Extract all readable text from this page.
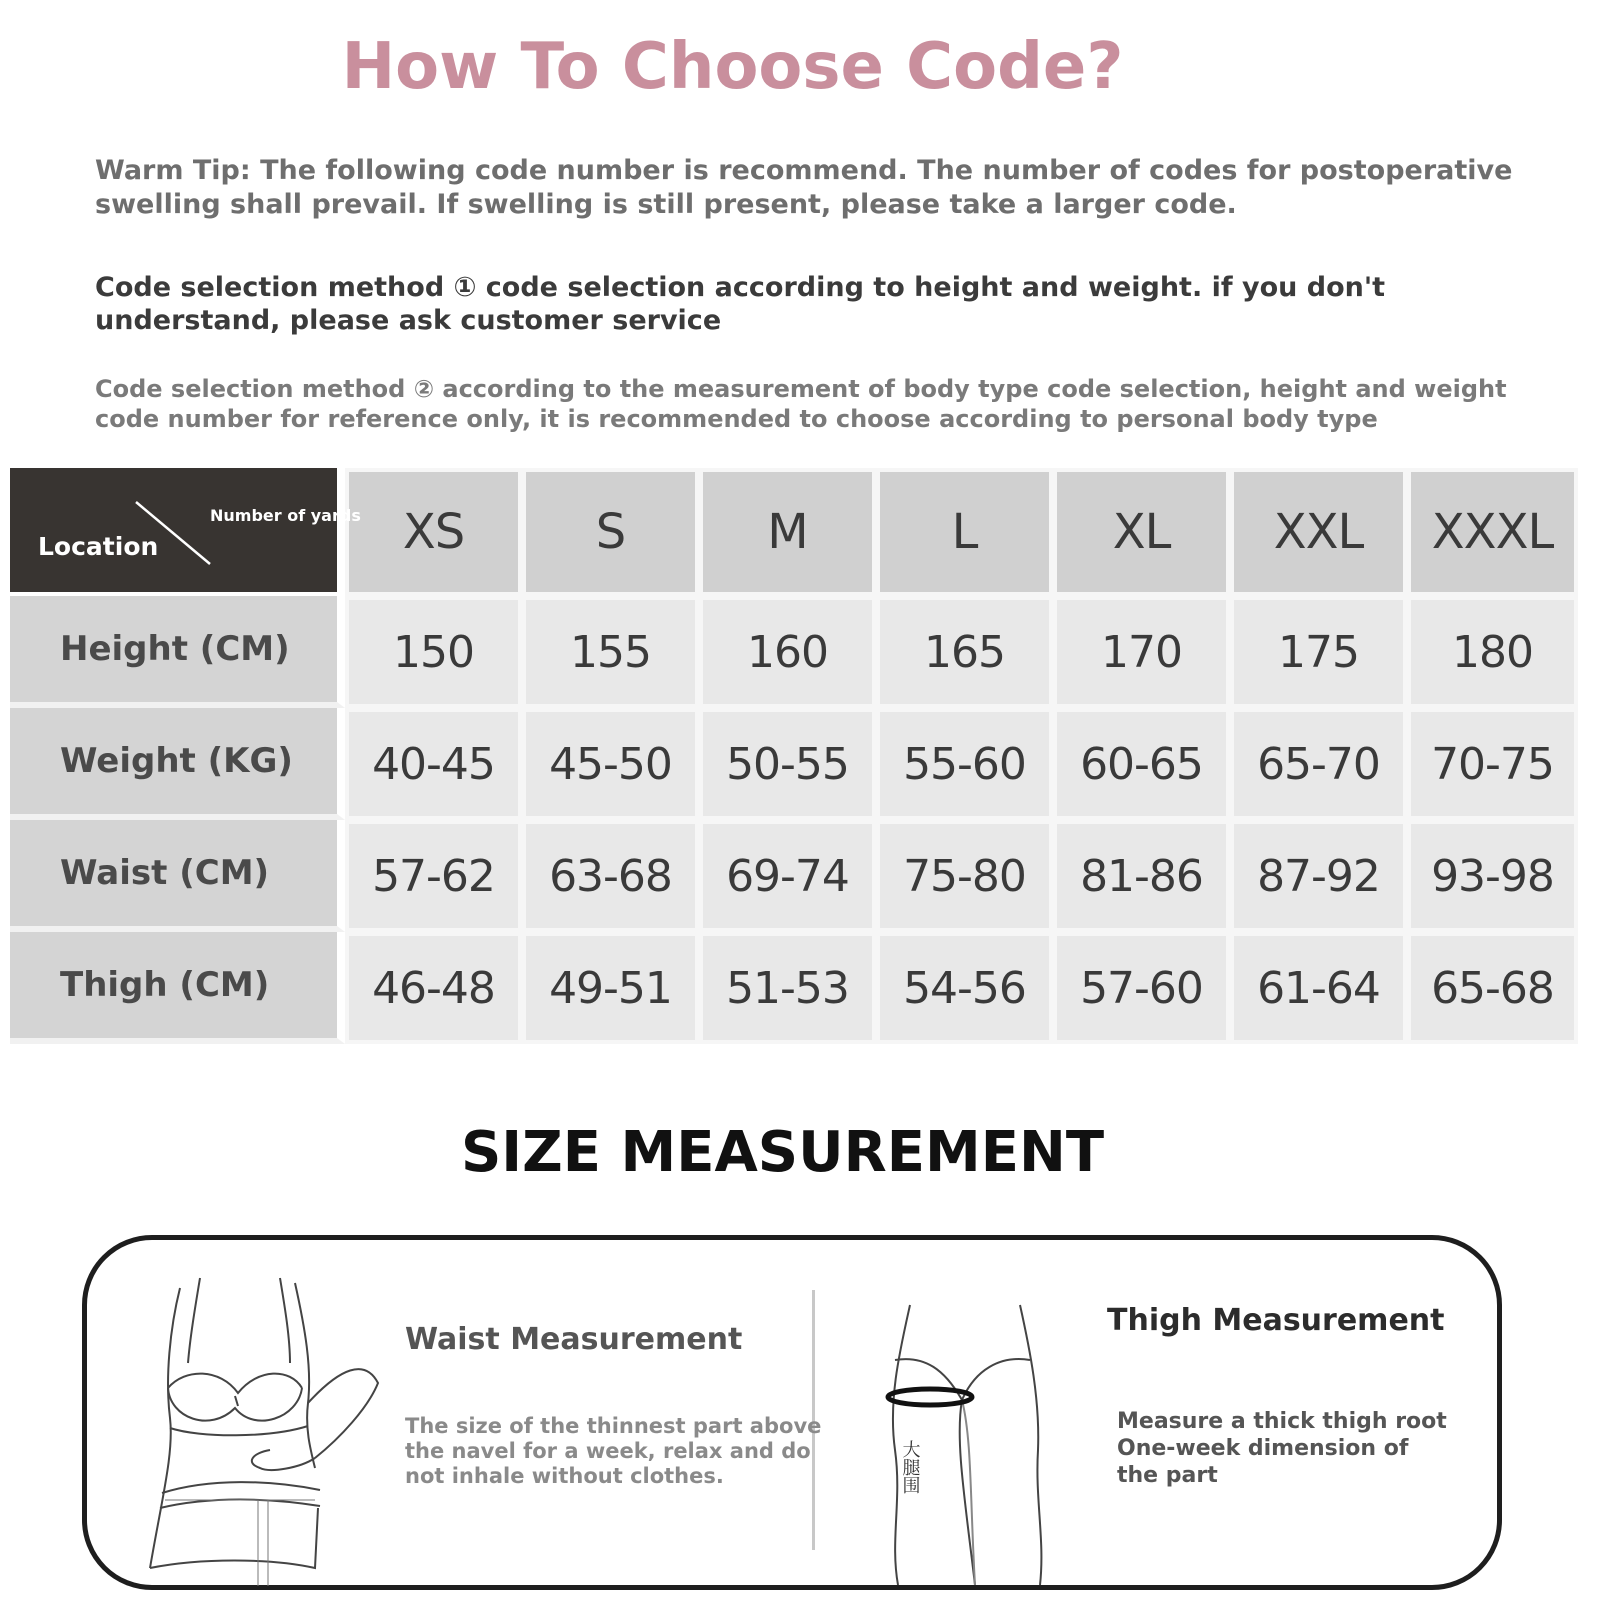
How To Choose Code?

Warm Tip: The following code number is recommend. The number of codes for postoperative swelling shall prevail. If swelling is still present, please take a larger code.

Code selection method ① code selection according to height and weight. if you don't understand, please ask customer service

Code selection method ② according to the measurement of body type code selection, height and weight code number for reference only, it is recommended to choose according to personal body type

Number of yards
Location	XS	S	M	L	XL	XXL	XXXL
Height (CM)	150	155	160	165	170	175	180
Weight (KG)	40-45	45-50	50-55	55-60	60-65	65-70	70-75
Waist (CM)	57-62	63-68	69-74	75-80	81-86	87-92	93-98
Thigh (CM)	46-48	49-51	51-53	54-56	57-60	61-64	65-68
SIZE MEASUREMENT
Waist Measurement

The size of the thinnest part above the navel for a week, relax and do not inhale without clothes.	大腿围
Thigh Measurement

Measure a thick thigh root One-week dimension of the part
